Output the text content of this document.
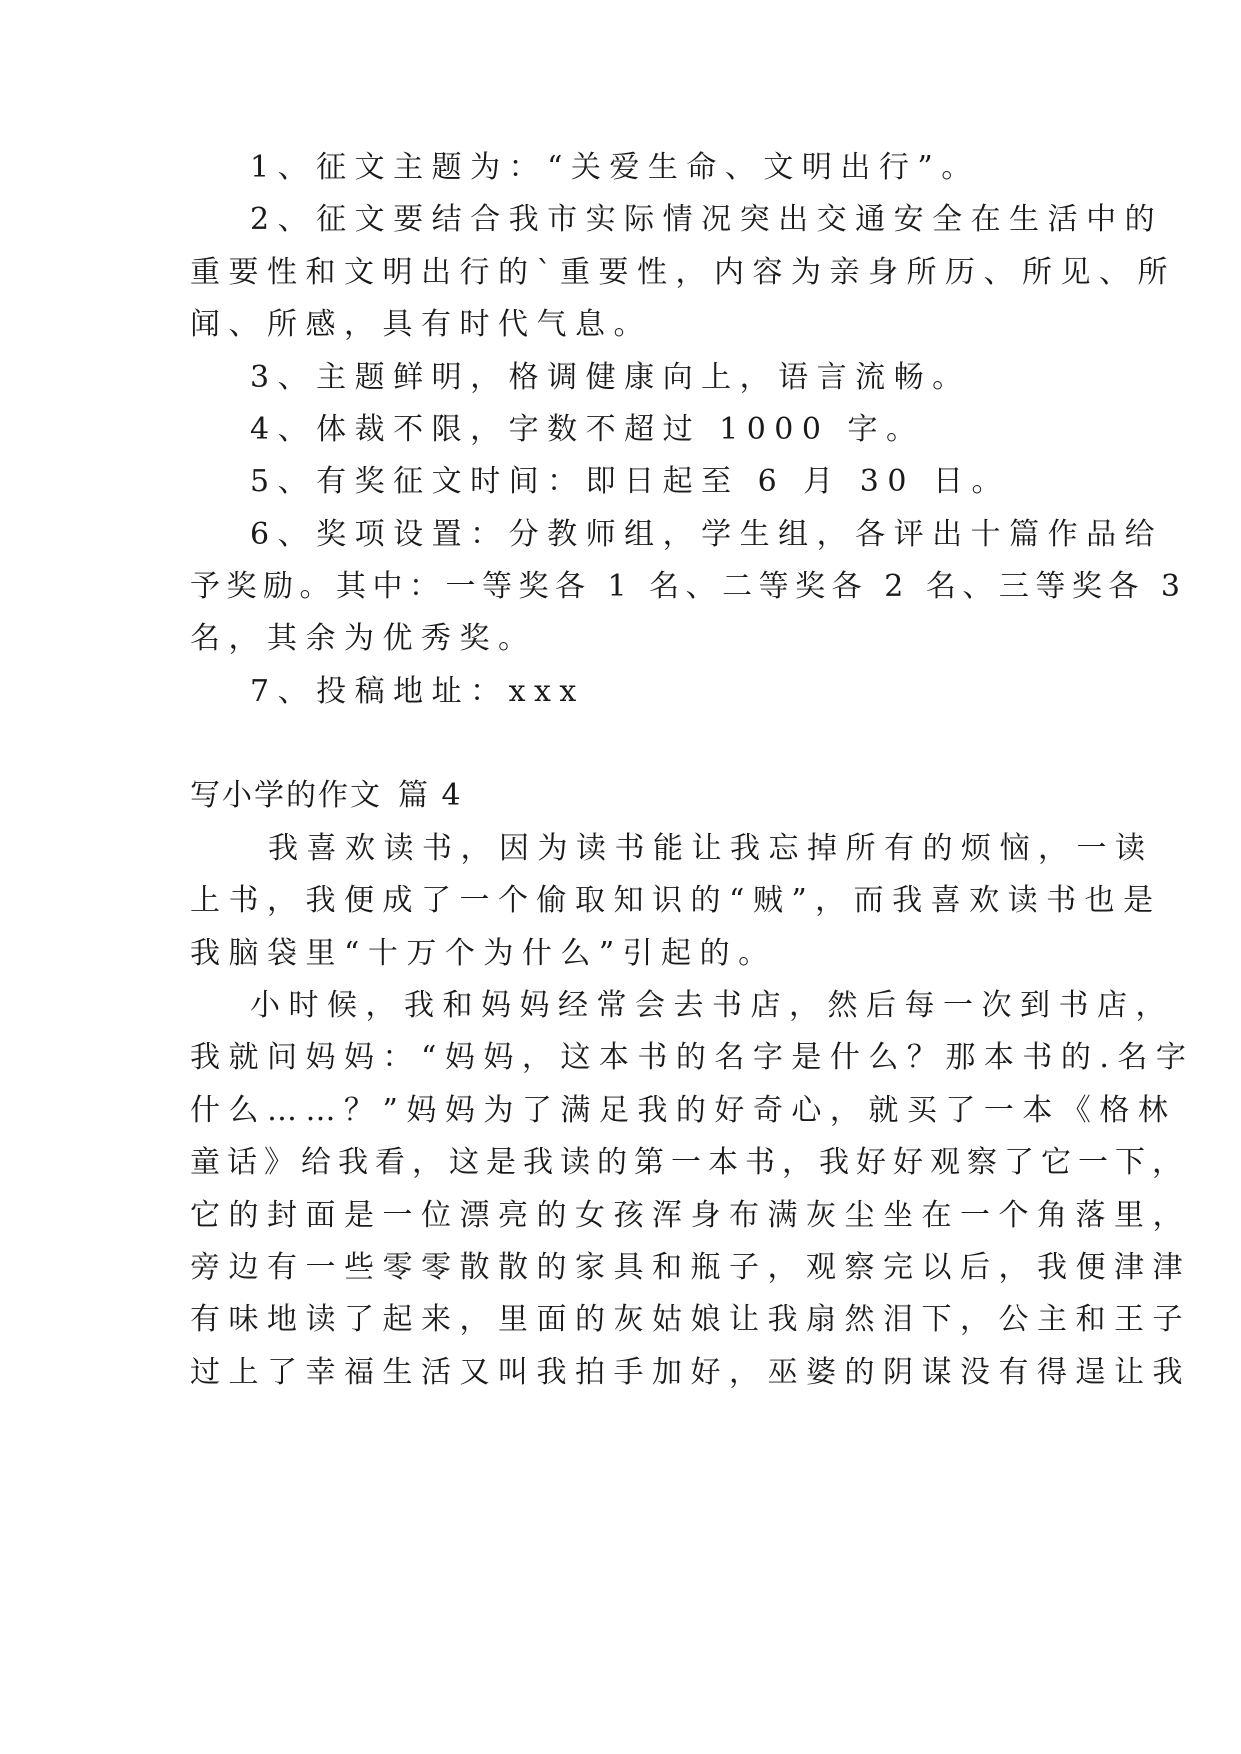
1、征文主题为：“关爱生命、文明出行”。
2、征文要结合我市实际情况突出交通安全在生活中的
重要性和文明出行的`重要性，内容为亲身所历、所见、所
闻、所感，具有时代气息。
3、主题鲜明，格调健康向上，语言流畅。
4、体裁不限，字数不超过 1000 字。
5、有奖征文时间：即日起至 6 月 30 日。
6、奖项设置：分教师组，学生组，各评出十篇作品给
予奖励。其中：一等奖各 1 名、二等奖各 2 名、三等奖各 3
名，其余为优秀奖。
7、投稿地址：xxx
写小学的作文 篇 4
我喜欢读书，因为读书能让我忘掉所有的烦恼，一读
上书，我便成了一个偷取知识的“贼”，而我喜欢读书也是
我脑袋里“十万个为什么”引起的。
小时候，我和妈妈经常会去书店，然后每一次到书店，
我就问妈妈：“妈妈，这本书的名字是什么？那本书的.名字
什么……？”妈妈为了满足我的好奇心，就买了一本《格林
童话》给我看，这是我读的第一本书，我好好观察了它一下，
它的封面是一位漂亮的女孩浑身布满灰尘坐在一个角落里，
旁边有一些零零散散的家具和瓶子，观察完以后，我便津津
有味地读了起来，里面的灰姑娘让我扇然泪下，公主和王子
过上了幸福生活又叫我拍手加好，巫婆的阴谋没有得逞让我
